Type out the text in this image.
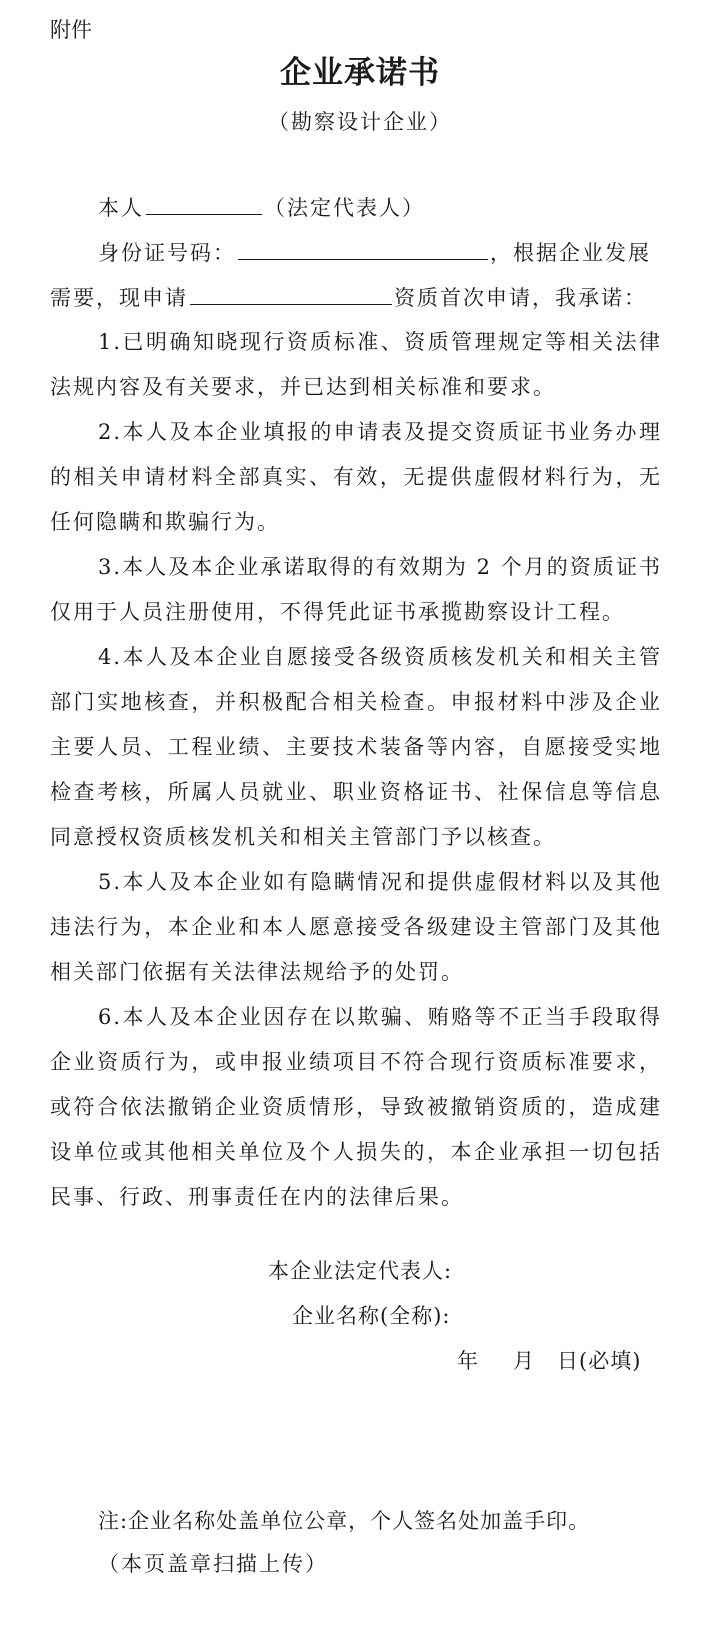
附件
企业承诺书
（勘察设计企业）
本人	（法定代表人）
身份证号码：	，根据企业发展
需要，现申请	资质首次申请，我承诺：

1.已明确知晓现行资质标准、资质管理规定等相关法律法规内容及有关要求，并已达到相关标准和要求。

2.本人及本企业填报的申请表及提交资质证书业务办理的相关申请材料全部真实、有效，无提供虚假材料行为，无任何隐瞒和欺骗行为。

3.本人及本企业承诺取得的有效期为 2 个月的资质证书仅用于人员注册使用，不得凭此证书承揽勘察设计工程。

4.本人及本企业自愿接受各级资质核发机关和相关主管部门实地核查，并积极配合相关检查。申报材料中涉及企业主要人员、工程业绩、主要技术装备等内容，自愿接受实地检查考核，所属人员就业、职业资格证书、社保信息等信息同意授权资质核发机关和相关主管部门予以核查。

5.本人及本企业如有隐瞒情况和提供虚假材料以及其他违法行为，本企业和本人愿意接受各级建设主管部门及其他相关部门依据有关法律法规给予的处罚。

6.本人及本企业因存在以欺骗、贿赂等不正当手段取得企业资质行为，或申报业绩项目不符合现行资质标准要求，或符合依法撤销企业资质情形，导致被撤销资质的，造成建设单位或其他相关单位及个人损失的，本企业承担一切包括民事、行政、刑事责任在内的法律后果。

本企业法定代表人:
企业名称(全称):
年 月 日(必填)
注:企业名称处盖单位公章，个人签名处加盖手印。
（本页盖章扫描上传）
